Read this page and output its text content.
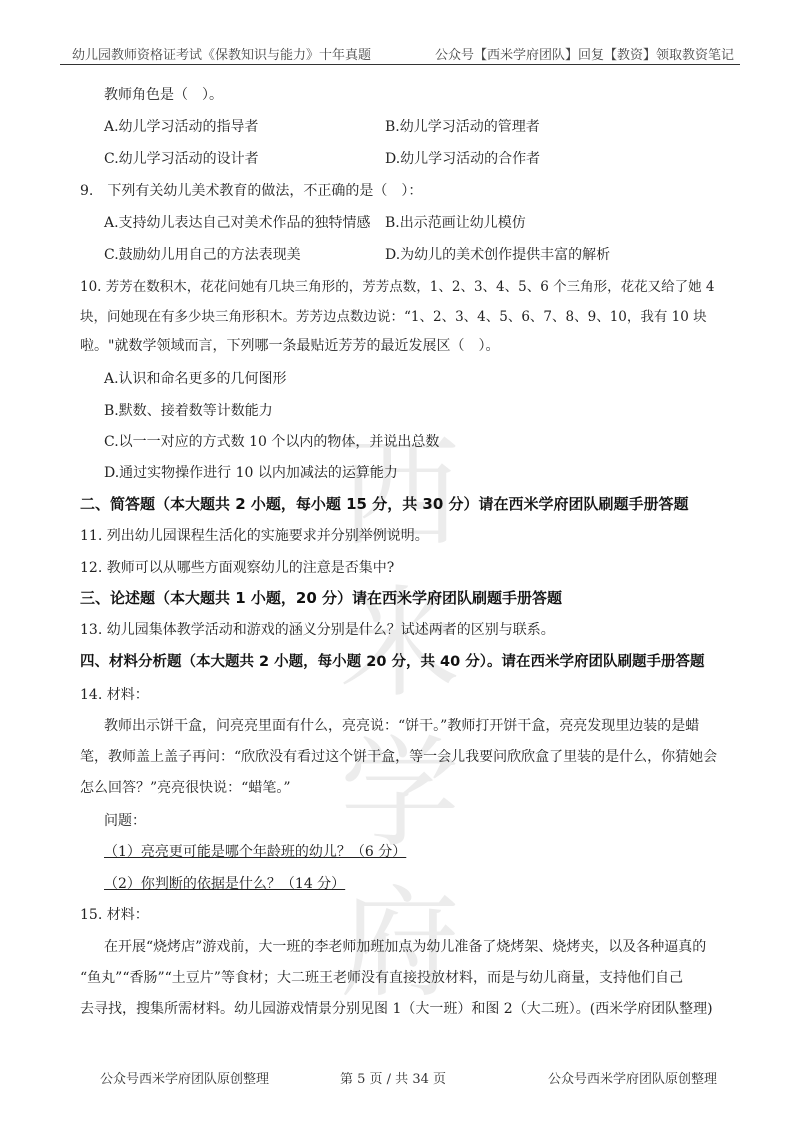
幼儿园教师资格证考试《保教知识与能力》十年真题	公众号【西米学府团队】回复【教资】领取教资笔记
西米学府
教师角色是（　）。
A.幼儿学习活动的指导者	B.幼儿学习活动的管理者
C.幼儿学习活动的设计者	D.幼儿学习活动的合作者
9.　下列有关幼儿美术教育的做法，不正确的是（　）：
A.支持幼儿表达自己对美术作品的独特情感 B.出示范画让幼儿模仿
C.鼓励幼儿用自己的方法表现美	D.为幼儿的美术创作提供丰富的解析
10. 芳芳在数积木，花花问她有几块三角形的，芳芳点数，1、2、3、4、5、6 个三角形，花花又给了她 4
块，问她现在有多少块三角形积木。芳芳边点数边说：“1、2、3、4、5、6、7、8、9、10，我有 10 块
啦。"就数学领域而言，下列哪一条最贴近芳芳的最近发展区（　）。
A.认识和命名更多的几何图形
B.默数、接着数等计数能力
C.以一一对应的方式数 10 个以内的物体，并说出总数
D.通过实物操作进行 10 以内加减法的运算能力
二、简答题（本大题共 2 小题，每小题 15 分，共 30 分）请在西米学府团队刷题手册答题
11. 列出幼儿园课程生活化的实施要求并分别举例说明。
12. 教师可以从哪些方面观察幼儿的注意是否集中?
三、论述题（本大题共 1 小题，20 分）请在西米学府团队刷题手册答题
13. 幼儿园集体教学活动和游戏的涵义分别是什么？试述两者的区别与联系。
四、材料分析题（本大题共 2 小题，每小题 20 分，共 40 分）。请在西米学府团队刷题手册答题
14. 材料：
教师出示饼干盒，问亮亮里面有什么，亮亮说：“饼干。”教师打开饼干盒，亮亮发现里边装的是蜡
笔，教师盖上盖子再问：“欣欣没有看过这个饼干盒，等一会儿我要问欣欣盒了里装的是什么，你猜她会
怎么回答？”亮亮很快说：“蜡笔。”
问题：
（1）亮亮更可能是哪个年龄班的幼儿？（6 分）
（2）你判断的依据是什么？（14 分）
15. 材料：
在开展“烧烤店”游戏前，大一班的李老师加班加点为幼儿准备了烧烤架、烧烤夹，以及各种逼真的
“鱼丸”“香肠”“土豆片”等食材；大二班王老师没有直接投放材料，而是与幼儿商量，支持他们自己
去寻找，搜集所需材料。幼儿园游戏情景分别见图 1（大一班）和图 2（大二班）。(西米学府团队整理)
公众号西米学府团队原创整理	第 5 页 / 共 34 页	公众号西米学府团队原创整理
